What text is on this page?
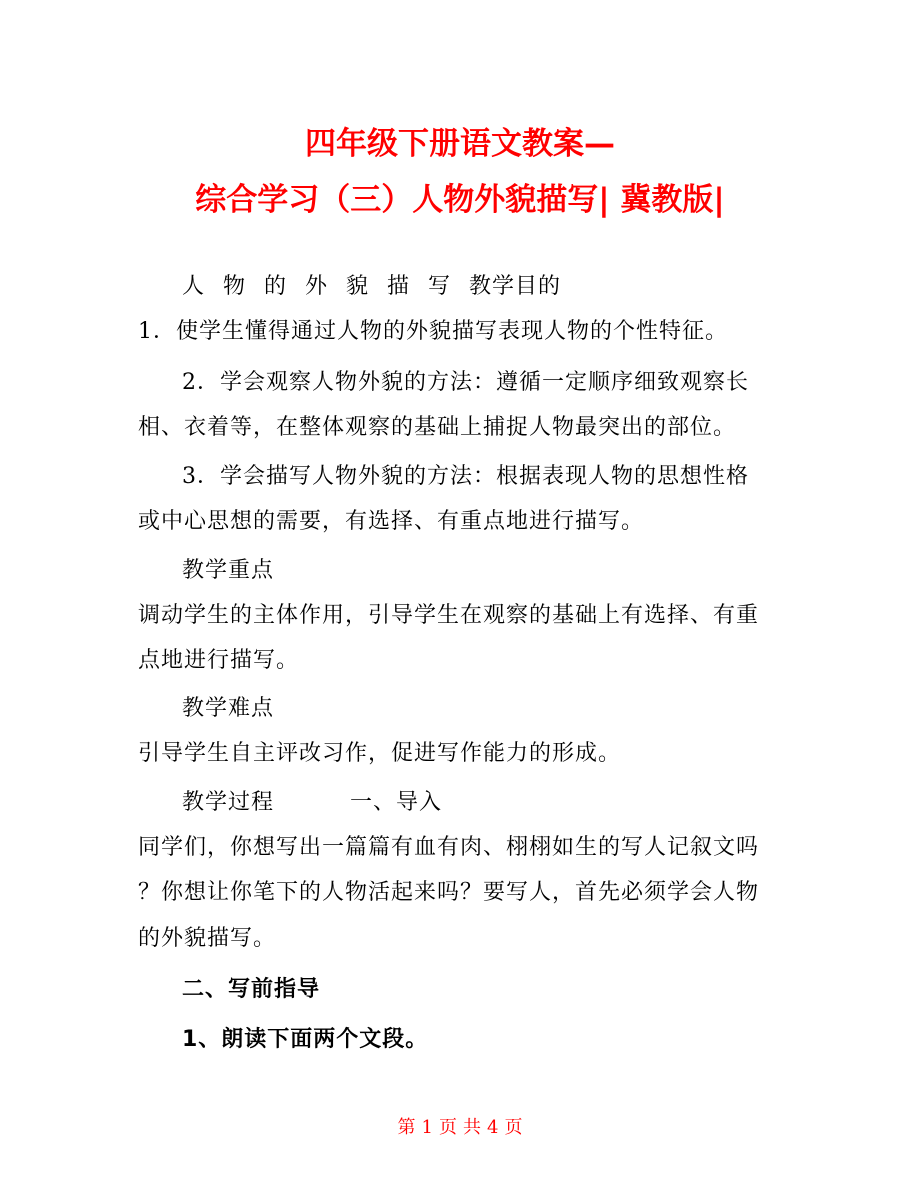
四年级下册语文教案—
综合学习（三）人物外貌描写| 冀教版|
人物的外貌描写教学目的
1．使学生懂得通过人物的外貌描写表现人物的个性特征。
2．学会观察人物外貌的方法：遵循一定顺序细致观察长
相、衣着等，在整体观察的基础上捕捉人物最突出的部位。
3．学会描写人物外貌的方法：根据表现人物的思想性格
或中心思想的需要，有选择、有重点地进行描写。
教学重点
调动学生的主体作用，引导学生在观察的基础上有选择、有重
点地进行描写。
教学难点
引导学生自主评改习作，促进写作能力的形成。
教学过程	一、导入
同学们，你想写出一篇篇有血有肉、栩栩如生的写人记叙文吗
？你想让你笔下的人物活起来吗？要写人，首先必须学会人物
的外貌描写。
二、写前指导
1、朗读下面两个文段。
第 1 页 共 4 页
